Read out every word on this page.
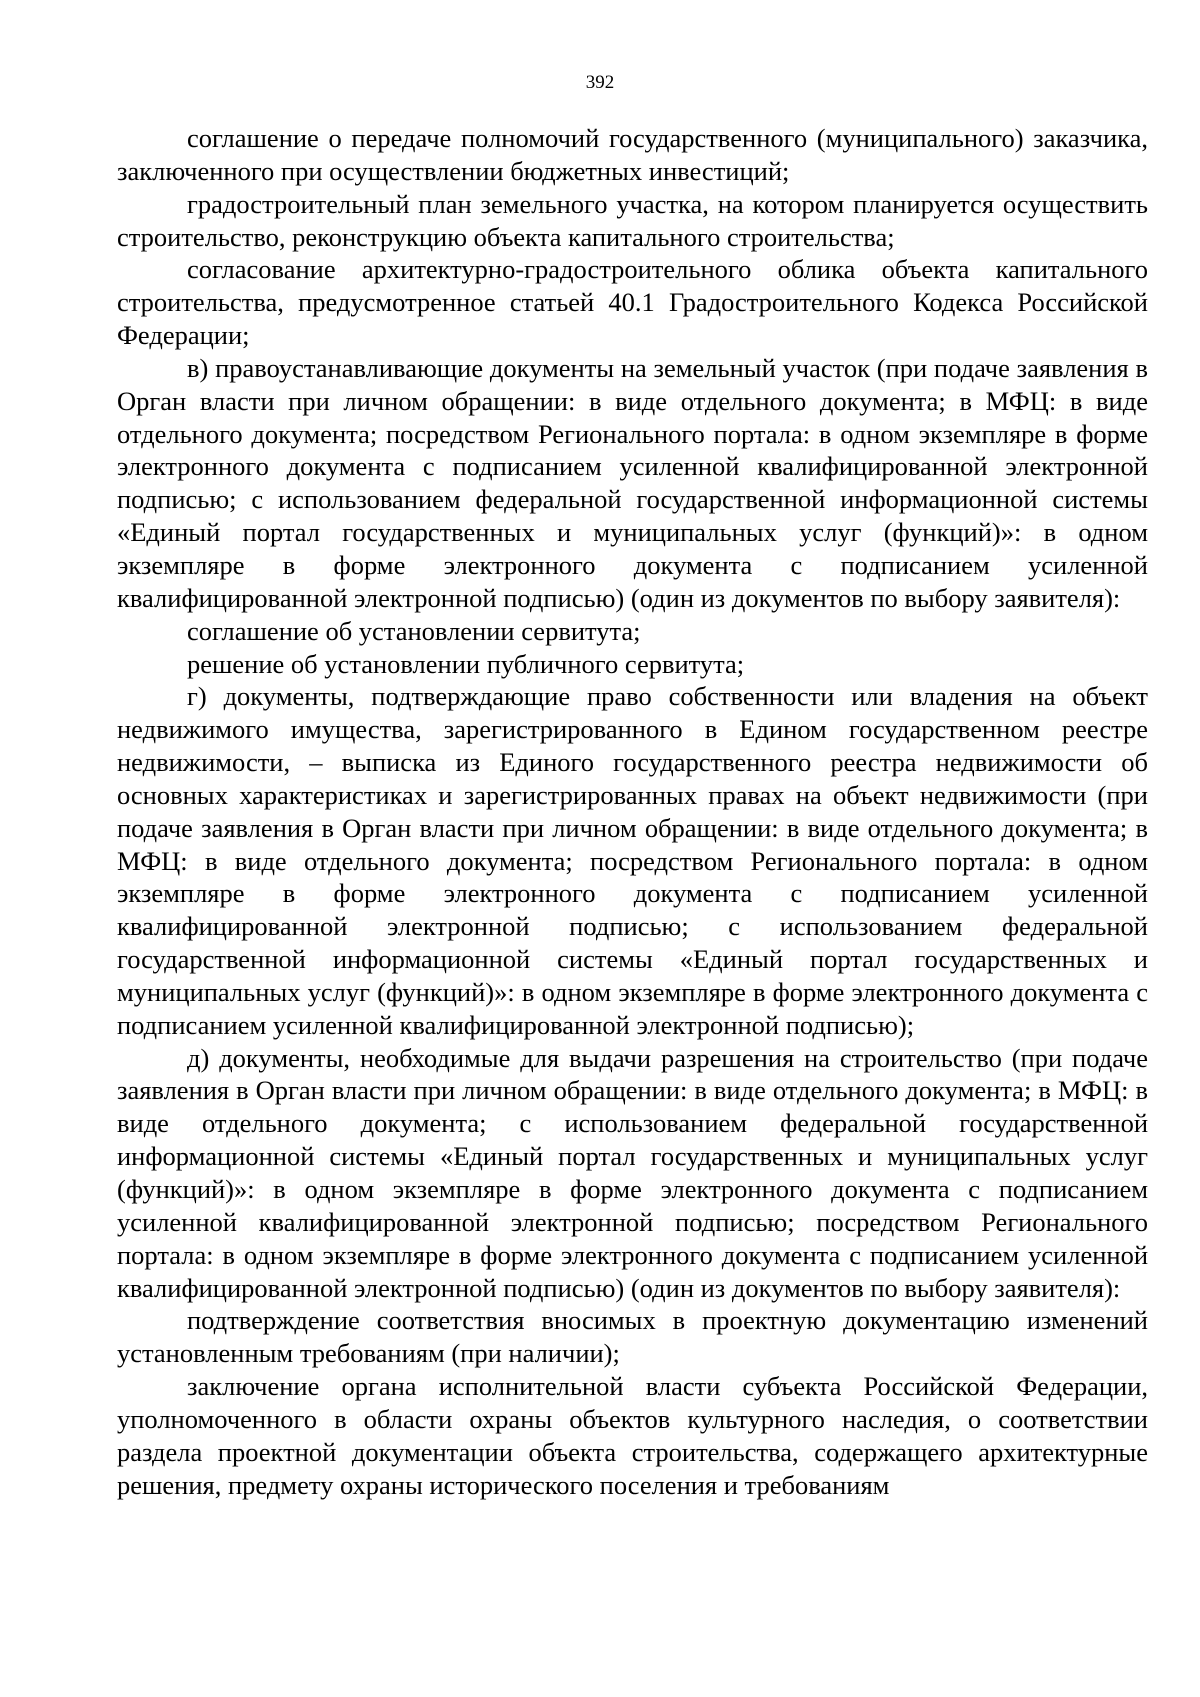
392

соглашение о передаче полномочий государственного (муниципального) заказчика, заключенного при осуществлении бюджетных инвестиций;

градостроительный план земельного участка, на котором планируется осуществить строительство, реконструкцию объекта капитального строительства;

согласование архитектурно-градостроительного облика объекта капитального строительства, предусмотренное статьей 40.1 Градостроительного Кодекса Российской Федерации;

в) правоустанавливающие документы на земельный участок (при подаче заявления в Орган власти при личном обращении: в виде отдельного документа; в МФЦ: в виде отдельного документа; посредством Регионального портала: в одном экземпляре в форме электронного документа с подписанием усиленной квалифицированной электронной подписью; с использованием федеральной государственной информационной системы «Единый портал государственных и муниципальных услуг (функций)»: в одном экземпляре в форме электронного документа с подписанием усиленной квалифицированной электронной подписью) (один из документов по выбору заявителя):

соглашение об установлении сервитута;

решение об установлении публичного сервитута;

г) документы, подтверждающие право собственности или владения на объект недвижимого имущества, зарегистрированного в Едином государственном реестре недвижимости, – выписка из Единого государственного реестра недвижимости об основных характеристиках и зарегистрированных правах на объект недвижимости (при подаче заявления в Орган власти при личном обращении: в виде отдельного документа; в МФЦ: в виде отдельного документа; посредством Регионального портала: в одном экземпляре в форме электронного документа с подписанием усиленной квалифицированной электронной подписью; с использованием федеральной государственной информационной системы «Единый портал государственных и муниципальных услуг (функций)»: в одном экземпляре в форме электронного документа с подписанием усиленной квалифицированной электронной подписью);

д) документы, необходимые для выдачи разрешения на строительство (при подаче заявления в Орган власти при личном обращении: в виде отдельного документа; в МФЦ: в виде отдельного документа; с использованием федеральной государственной информационной системы «Единый портал государственных и муниципальных услуг (функций)»: в одном экземпляре в форме электронного документа с подписанием усиленной квалифицированной электронной подписью; посредством Регионального портала: в одном экземпляре в форме электронного документа с подписанием усиленной квалифицированной электронной подписью) (один из документов по выбору заявителя):

подтверждение соответствия вносимых в проектную документацию изменений установленным требованиям (при наличии);

заключение органа исполнительной власти субъекта Российской Федерации, уполномоченного в области охраны объектов культурного наследия, о соответствии раздела проектной документации объекта строительства, содержащего архитектурные решения, предмету охраны исторического поселения и требованиям
